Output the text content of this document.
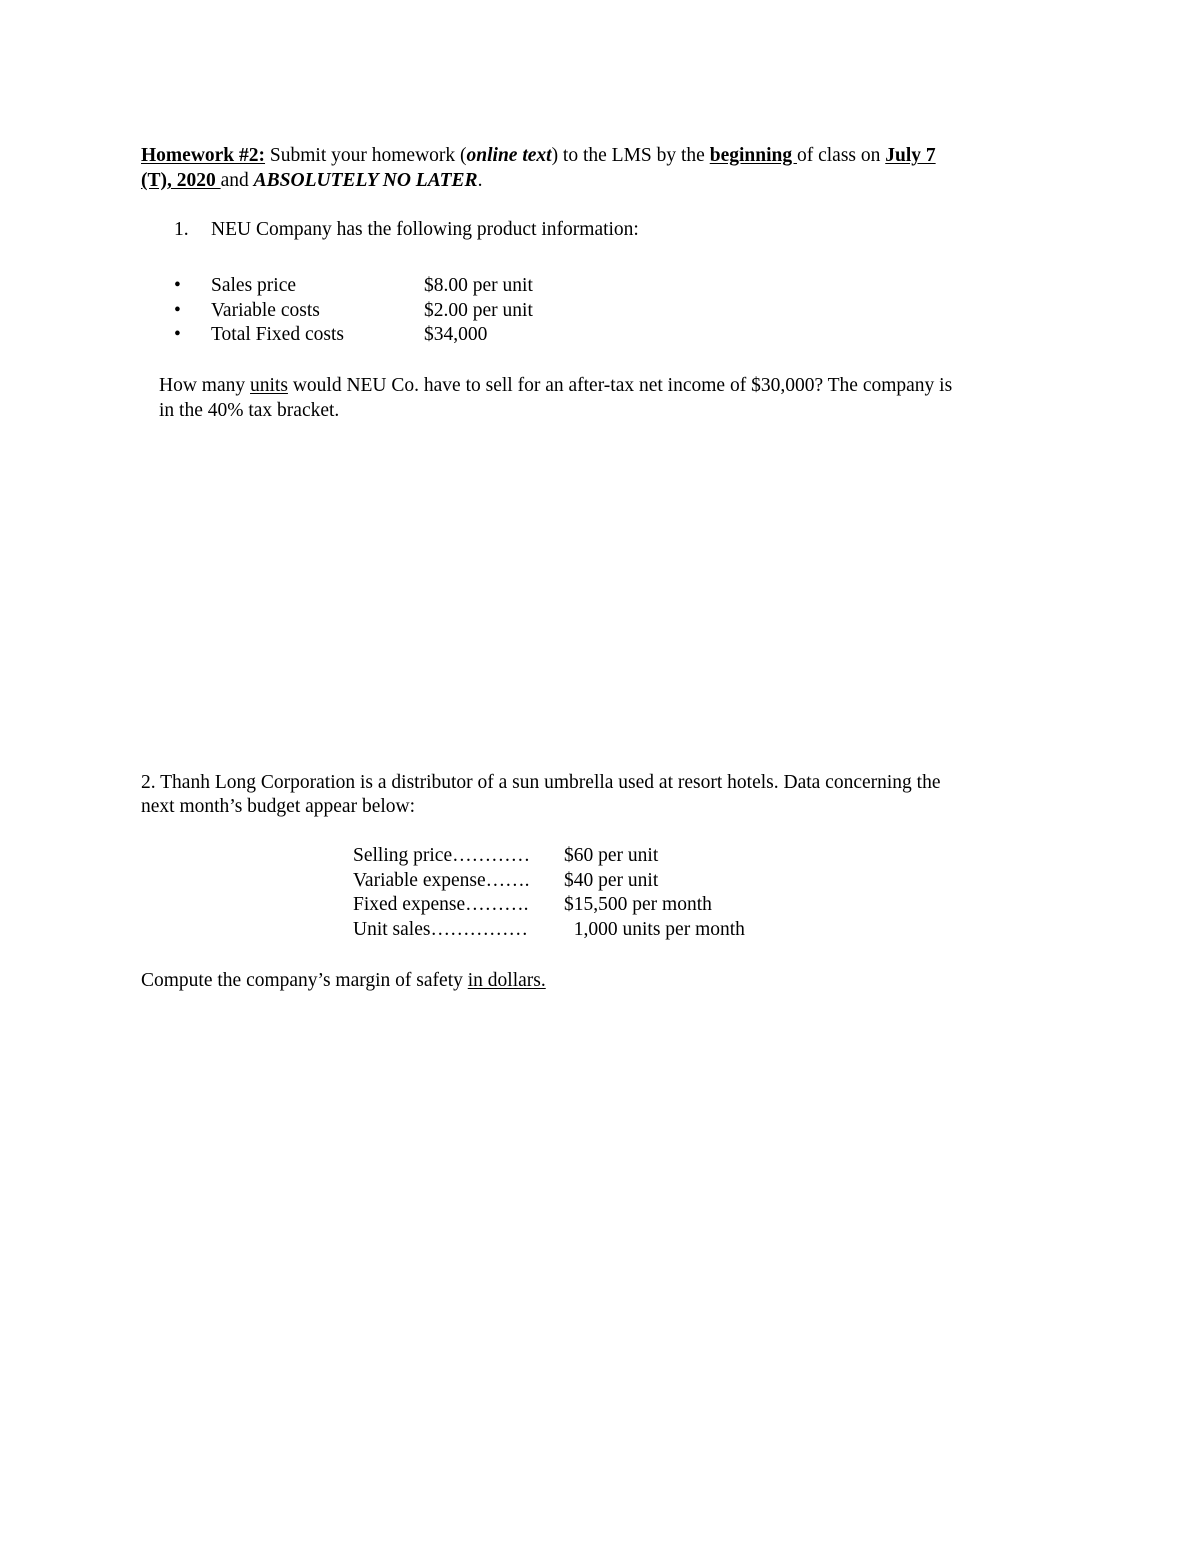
Homework #2: Submit your homework (online text) to the LMS by the beginning of class on July 7
(T), 2020 and ABSOLUTELY NO LATER.
1. NEU Company has the following product information:
• Sales price	$8.00 per unit
• Variable costs	$2.00 per unit
• Total Fixed costs	$34,000
How many units would NEU Co. have to sell for an after-tax net income of $30,000? The company is
in the 40% tax bracket.
2. Thanh Long Corporation is a distributor of a sun umbrella used at resort hotels. Data concerning the
next month’s budget appear below:
Selling price………… $60 per unit
Variable expense……. $40 per unit
Fixed expense………. $15,500 per month
Unit sales…………… 1,000 units per month
Compute the company’s margin of safety in dollars.
